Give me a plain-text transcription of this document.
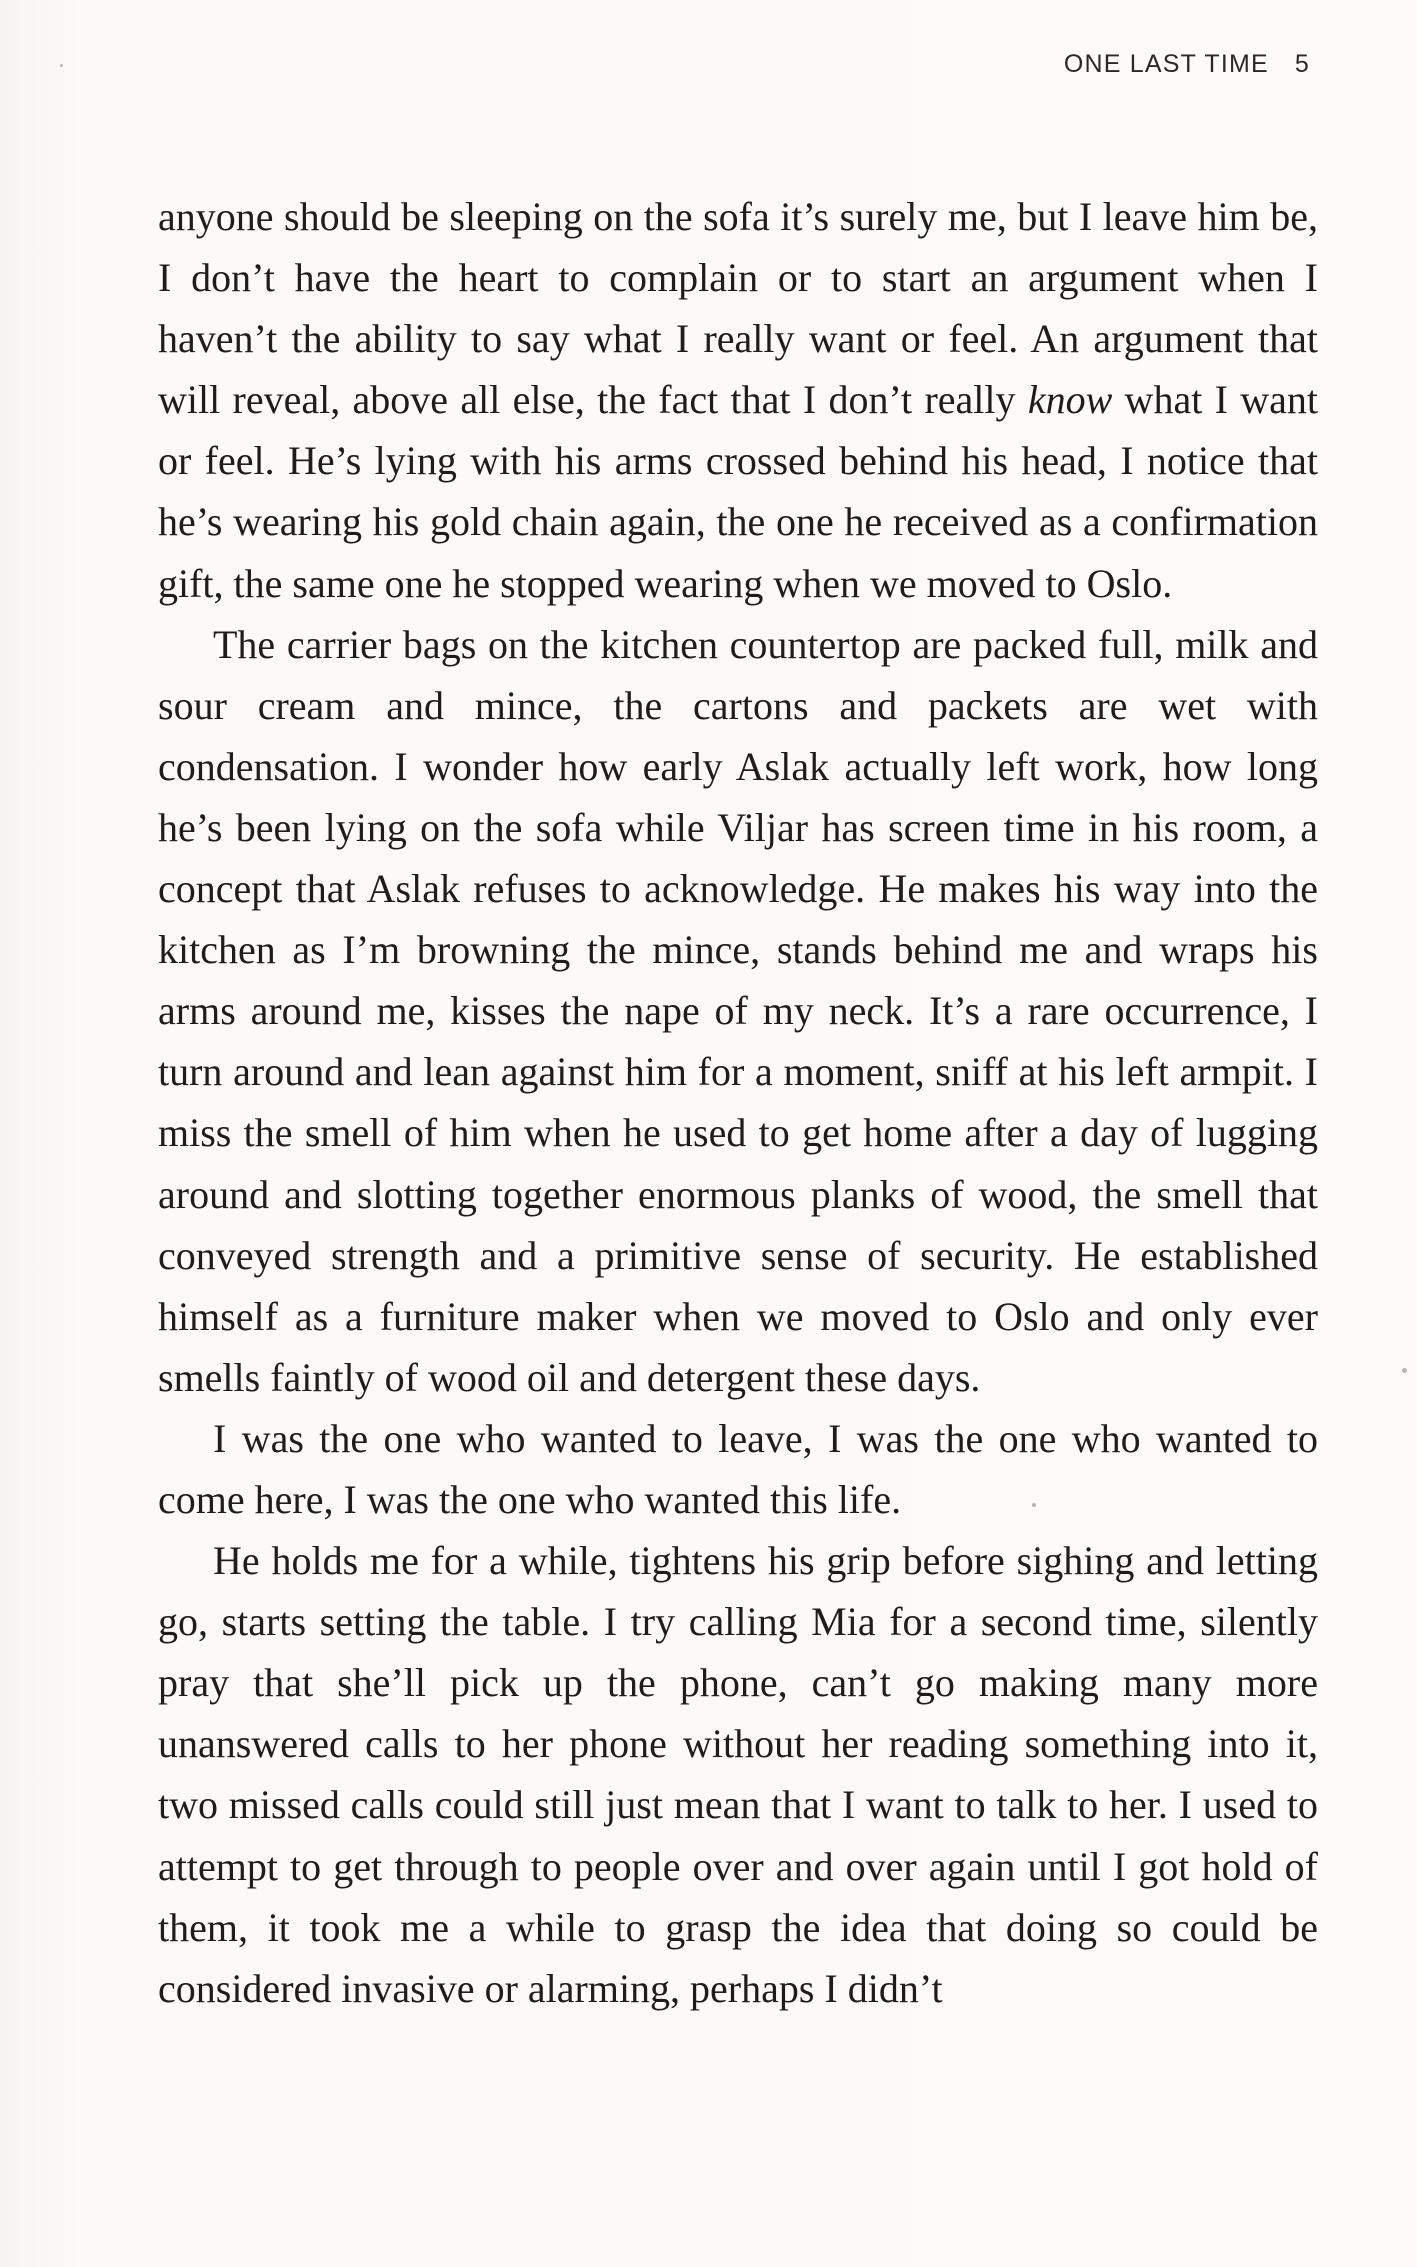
ONE LAST TIME 5

anyone should be sleeping on the sofa it’s surely me, but I leave him be, I don’t have the heart to complain or to start an argument when I haven’t the ability to say what I really want or feel. An argument that will reveal, above all else, the fact that I don’t really know what I want or feel. He’s lying with his arms crossed behind his head, I notice that he’s wearing his gold chain again, the one he received as a confirmation gift, the same one he stopped wearing when we moved to Oslo.

The carrier bags on the kitchen countertop are packed full, milk and sour cream and mince, the cartons and packets are wet with condensation. I wonder how early Aslak actually left work, how long he’s been lying on the sofa while Viljar has screen time in his room, a concept that Aslak refuses to acknowledge. He makes his way into the kitchen as I’m browning the mince, stands behind me and wraps his arms around me, kisses the nape of my neck. It’s a rare occurrence, I turn around and lean against him for a moment, sniff at his left armpit. I miss the smell of him when he used to get home after a day of lugging around and slotting together enormous planks of wood, the smell that conveyed strength and a primitive sense of security. He established himself as a furniture maker when we moved to Oslo and only ever smells faintly of wood oil and detergent these days.

I was the one who wanted to leave, I was the one who wanted to come here, I was the one who wanted this life.

He holds me for a while, tightens his grip before sighing and letting go, starts setting the table. I try calling Mia for a second time, silently pray that she’ll pick up the phone, can’t go making many more unanswered calls to her phone without her reading something into it, two missed calls could still just mean that I want to talk to her. I used to attempt to get through to people over and over again until I got hold of them, it took me a while to grasp the idea that doing so could be considered invasive or alarming, perhaps I didn’t
